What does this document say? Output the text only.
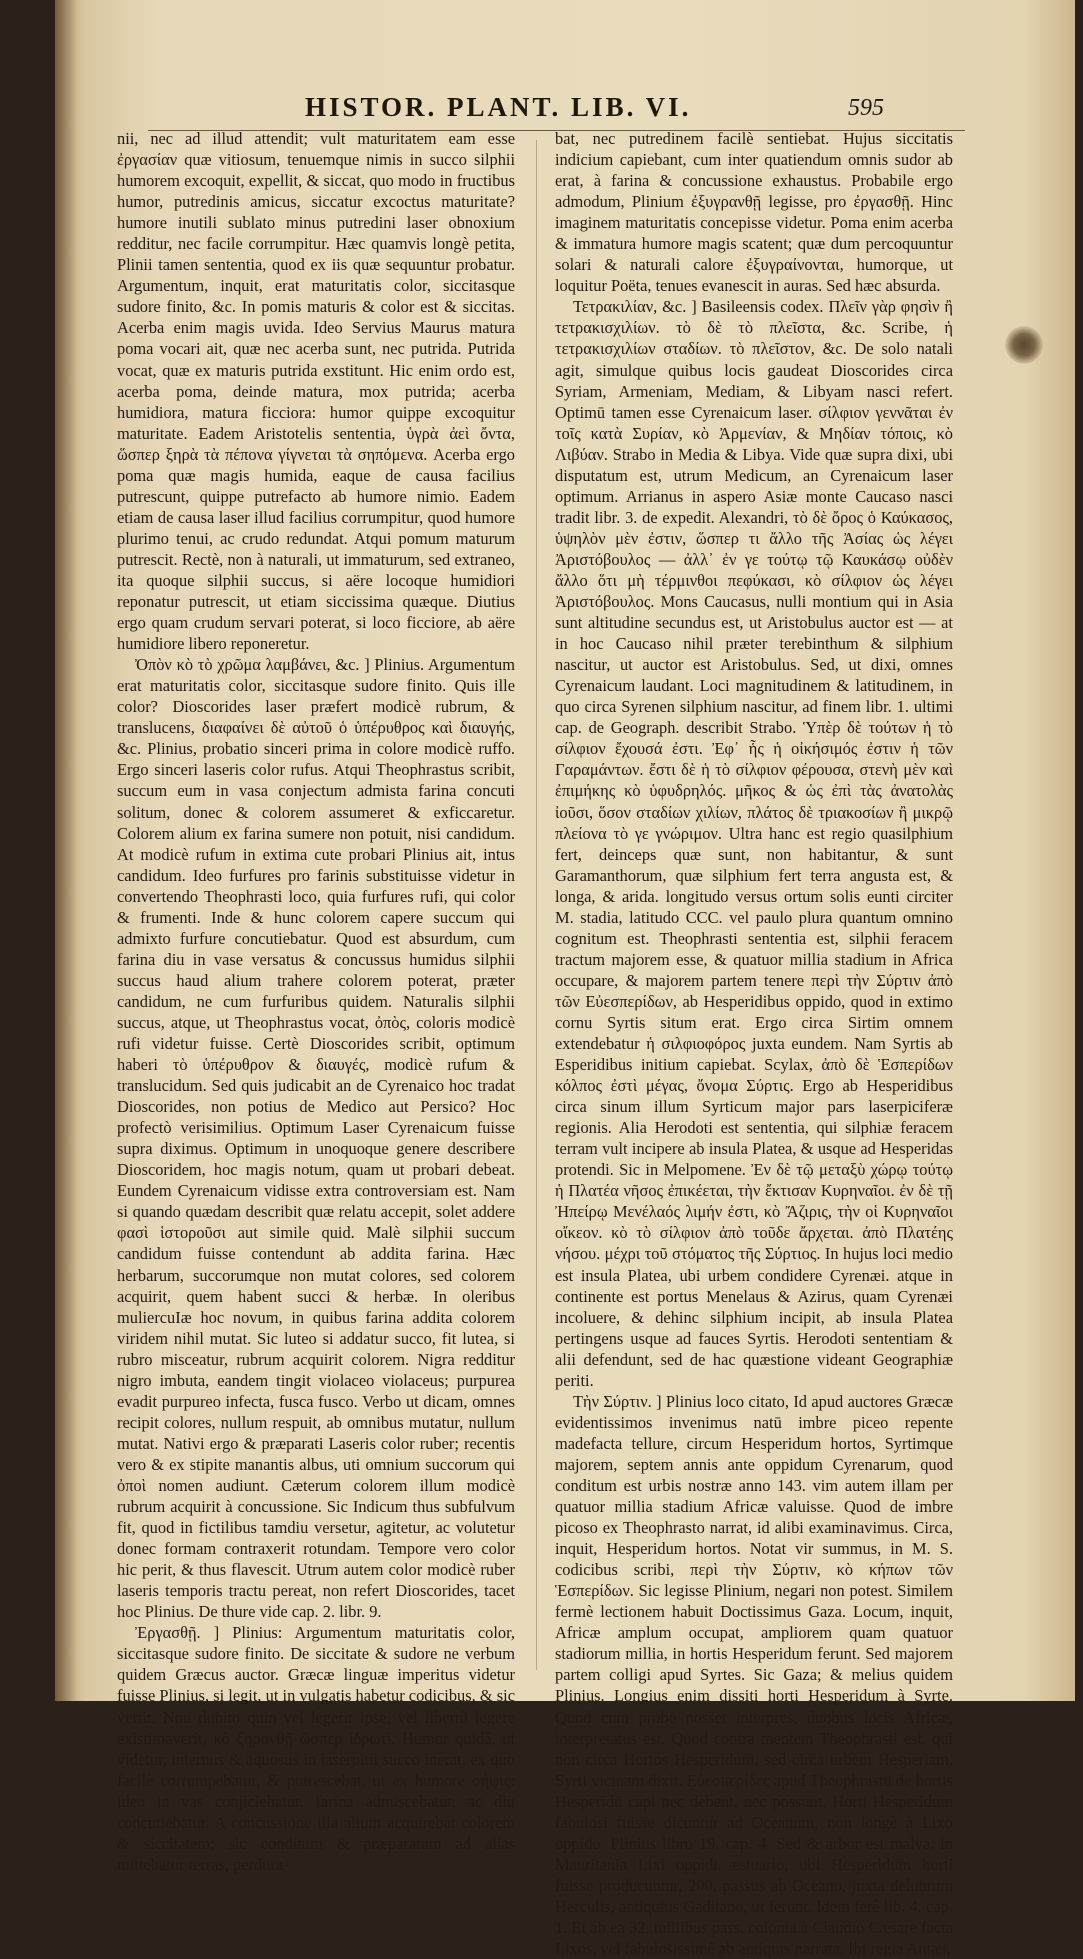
HISTOR. PLANT. LIB. VI.	595

nii, nec ad illud attendit; vult maturitatem eam esse ἐργασίαν quæ vitiosum, tenuemque nimis in succo silphii humorem excoquit, expellit, & siccat, quo modo in fructibus humor, putredinis amicus, siccatur excoctus maturitate? humore inutili sublato minus putredini laser obnoxium redditur, nec facile corrumpitur. Hæc quamvis longè petita, Plinii tamen sententia, quod ex iis quæ sequuntur probatur. Argumentum, inquit, erat maturitatis color, siccitasque sudore finito, &c. In pomis maturis & color est & siccitas. Acerba enim magis uvida. Ideo Servius Maurus matura poma vocari ait, quæ nec acerba sunt, nec putrida. Putrida vocat, quæ ex maturis putrida exstitunt. Hic enim ordo est, acerba poma, deinde matura, mox putrida; acerba humidiora, matura ficciora: humor quippe excoquitur maturitate. Eadem Aristotelis sententia, ὑγρὰ ἀεὶ ὄντα, ὥσπερ ξηρὰ τὰ πέπονα γίγνεται τὰ σηπόμενα. Acerba ergo poma quæ magis humida, eaque de causa facilius putrescunt, quippe putrefacto ab humore nimio. Eadem etiam de causa laser illud facilius corrumpitur, quod humore plurimo tenui, ac crudo redundat. Atqui pomum maturum putrescit. Rectè, non à naturali, ut immaturum, sed extraneo, ita quoque silphii succus, si aëre locoque humidiori reponatur putrescit, ut etiam siccissima quæque. Diutius ergo quam crudum servari poterat, si loco ficciore, ab aëre humidiore libero reponeretur.

Ὀπὸν κὸ τὸ χρῶμα λαμβάνει, &c. ] Plinius. Argumentum erat maturitatis color, siccitasque sudore finito. Quis ille color? Dioscorides laser præfert modicè rubrum, & translucens, διαφαίνει δὲ αὐτοῦ ὁ ὑπέρυθρος καὶ διαυγής, &c. Plinius, probatio sinceri prima in colore modicè ruffo. Ergo sinceri laseris color rufus. Atqui Theophrastus scribit, succum eum in vasa conjectum admista farina concuti solitum, donec & colorem assumeret & exficcaretur. Colorem alium ex farina sumere non potuit, nisi candidum. At modicè rufum in extima cute probari Plinius ait, intus candidum. Ideo furfures pro farinis substituisse videtur in convertendo Theophrasti loco, quia furfures rufi, qui color & frumenti. Inde & hunc colorem capere succum qui admixto furfure concutiebatur. Quod est absurdum, cum farina diu in vase versatus & concussus humidus silphii succus haud alium trahere colorem poterat, præter candidum, ne cum furfuribus quidem. Naturalis silphii succus, atque, ut Theophrastus vocat, ὀπὸς, coloris modicè rufi videtur fuisse. Certè Dioscorides scribit, optimum haberi τὸ ὑπέρυθρον & διαυγές, modicè rufum & translucidum. Sed quis judicabit an de Cyrenaico hoc tradat Dioscorides, non potius de Medico aut Persico? Hoc profectò verisimilius. Optimum Laser Cyrenaicum fuisse supra diximus. Optimum in unoquoque genere describere Dioscoridem, hoc magis notum, quam ut probari debeat. Eundem Cyrenaicum vidisse extra controversiam est. Nam si quando quædam describit quæ relatu accepit, solet addere φασὶ ἱστοροῦσι aut simile quid. Malè silphii succum candidum fuisse contendunt ab addita farina. Hæc herbarum, succorumque non mutat colores, sed colorem acquirit, quem habent succi & herbæ. In oleribus muliercuIæ hoc novum, in quibus farina addita colorem viridem nihil mutat. Sic luteo si addatur succo, fit lutea, si rubro misceatur, rubrum acquirit colorem. Nigra redditur nigro imbuta, eandem tingit violaceo violaceus; purpurea evadit purpureo infecta, fusca fusco. Verbo ut dicam, omnes recipit colores, nullum respuit, ab omnibus mutatur, nullum mutat. Nativi ergo & præparati Laseris color ruber; recentis vero & ex stipite manantis albus, uti omnium succorum qui ὀποὶ nomen audiunt. Cæterum colorem illum modicè rubrum acquirit à concussione. Sic Indicum thus subfulvum fit, quod in fictilibus tamdiu versetur, agitetur, ac volutetur donec formam contraxerit rotundam. Tempore vero color hic perit, & thus flavescit. Utrum autem color modicè ruber laseris temporis tractu pereat, non refert Dioscorides, tacet hoc Plinius. De thure vide cap. 2. libr. 9.

Ἐργασθῇ. ] Plinius: Argumentum maturitatis color, siccitasque sudore finito. De siccitate & sudore ne verbum quidem Græcus auctor. Græcæ linguæ imperitus videtur fuisse Plinius, si legit, ut in vulgatis habetur codicibus, & sic vertit. Non dubito quin vel legerit ipse, vel libertû legere existimaverit, κὸ ξηρανθῇ ὥσπερ ἰδρωτὶ. Humor quidâ, ut videtur, internus & aquosus in laserpitii succo inerat, ex quo facilè corrumpebatur, & putrescebat, ut ex humore σήψις: ideo in vas conjiciebatur, farina admiscebatur, ac diu concutiebatur. A concussione illa alium acquirebat colorem & siccitatem; sic conditum & præparatum ad alias mittebatur terras, perdura-

bat, nec putredinem facilè sentiebat. Hujus siccitatis indicium capiebant, cum inter quatiendum omnis sudor ab erat, à farina & concussione exhaustus. Probabile ergo admodum, Plinium ἐξυγρανθῇ legisse, pro ἐργασθῇ. Hinc imaginem maturitatis concepisse videtur. Poma enim acerba & immatura humore magis scatent; quæ dum percoquuntur solari & naturali calore ἐξυγραίνονται, humorque, ut loquitur Poëta, tenues evanescit in auras. Sed hæc absurda.

Τετρακιλίαν, &c. ] Basileensis codex. Πλεῖν γὰρ φησὶν ἢ τετρακισχιλίων. τὸ δὲ τὸ πλεῖστα, &c. Scribe, ἡ τετρακισχιλίων σταδίων. τὸ πλεῖστον, &c. De solo natali agit, simulque quibus locis gaudeat Dioscorides circa Syriam, Armeniam, Mediam, & Libyam nasci refert. Optimū tamen esse Cyrenaicum laser. σίλφιον γεννᾶται ἐν τοῖς κατὰ Συρίαν, κὸ Ἀρμενίαν, & Μηδίαν τόποις, κὸ Λιβύαν. Strabo in Media & Libya. Vide quæ supra dixi, ubi disputatum est, utrum Medicum, an Cyrenaicum laser optimum. Arrianus in aspero Asiæ monte Caucaso nasci tradit libr. 3. de expedit. Alexandri, τὸ δὲ ὄρος ὁ Καύκασος, ὑψηλὸν μὲν ἐστιν, ὥσπερ τι ἄλλο τῆς Ἀσίας ὡς λέγει Ἀριστόβουλος — ἀλλ᾽ ἐν γε τούτῳ τῷ Καυκάσῳ οὐδὲν ἄλλο ὅτι μὴ τέρμινθοι πεφύκασι, κὸ σίλφιον ὡς λέγει Ἀριστόβουλος. Mons Caucasus, nulli montium qui in Asia sunt altitudine secundus est, ut Aristobulus auctor est — at in hoc Caucaso nihil præter terebinthum & silphium nascitur, ut auctor est Aristobulus. Sed, ut dixi, omnes Cyrenaicum laudant. Loci magnitudinem & latitudinem, in quo circa Syrenen silphium nascitur, ad finem libr. 1. ultimi cap. de Geograph. describit Strabo. Ὑπὲρ δὲ τούτων ἡ τὸ σίλφιον ἔχουσά ἐστι. Ἐφ᾽ ἧς ἡ οἰκήσιμός ἐστιν ἡ τῶν Γαραμάντων. ἔστι δὲ ἡ τὸ σίλφιον φέρουσα, στενὴ μὲν καὶ ἐπιμήκης κὸ ὑφυδρηλός. μῆκος & ὡς ἐπὶ τὰς ἀνατολὰς ἰοῦσι, ὅσον σταδίων χιλίων, πλάτος δὲ τριακοσίων ἢ μικρῷ πλείονα τὸ γε γνώριμον. Ultra hanc est regio quasilphium fert, deinceps quæ sunt, non habitantur, & sunt Garamanthorum, quæ silphium fert terra angusta est, & longa, & arida. longitudo versus ortum solis eunti circiter M. stadia, latitudo CCC. vel paulo plura quantum omnino cognitum est. Theophrasti sententia est, silphii feracem tractum majorem esse, & quatuor millia stadium in Africa occupare, & majorem partem tenere περὶ τὴν Σύρτιν ἀπὸ τῶν Εὐεσπερίδων, ab Hesperidibus oppido, quod in extimo cornu Syrtis situm erat. Ergo circa Sirtim omnem extendebatur ἡ σιλφιοφόρος juxta eundem. Nam Syrtis ab Esperidibus initium capiebat. Scylax, ἀπὸ δὲ Ἑσπερίδων κόλπος ἐστὶ μέγας, ὄνομα Σύρτις. Ergo ab Hesperidibus circa sinum illum Syrticum major pars laserpiciferæ regionis. Alia Herodoti est sententia, qui silphiæ feracem terram vult incipere ab insula Platea, & usque ad Hesperidas protendi. Sic in Melpomene. Ἐν δὲ τῷ μεταξὺ χώρῳ τούτῳ ἡ Πλατέα νῆσος ἐπικέεται, τὴν ἔκτισαν Κυρηναῖοι. ἐν δὲ τῇ Ἠπείρῳ Μενέλαός λιμήν ἐστι, κὸ Ἄζιρις, τὴν οἱ Κυρηναῖοι οἴκεον. κὸ τὸ σίλφιον ἀπὸ τοῦδε ἄρχεται. ἀπὸ Πλατέης νήσου. μέχρι τοῦ στόματος τῆς Σύρτιος. In hujus loci medio est insula Platea, ubi urbem condidere Cyrenæi. atque in continente est portus Menelaus & Azirus, quam Cyrenæi incoluere, & dehinc silphium incipit, ab insula Platea pertingens usque ad fauces Syrtis. Herodoti sententiam & alii defendunt, sed de hac quæstione videant Geographiæ periti.

Τὴν Σύρτιν. ] Plinius loco citato, Id apud auctores Græcæ evidentissimos invenimus natū imbre piceo repente madefacta tellure, circum Hesperidum hortos, Syrtimque majorem, septem annis ante oppidum Cyrenarum, quod conditum est urbis nostræ anno 143. vim autem illam per quatuor millia stadium Africæ valuisse. Quod de imbre picoso ex Theophrasto narrat, id alibi examinavimus. Circa, inquit, Hesperidum hortos. Notat vir summus, in M. S. codicibus scribi, περὶ τὴν Σύρτιν, κὸ κήπων τῶν Ἑσπερίδων. Sic legisse Plinium, negari non potest. Similem fermè lectionem habuit Doctissimus Gaza. Locum, inquit, Africæ amplum occupat, ampliorem quam quatuor stadiorum millia, in hortis Hesperidum ferunt. Sed majorem partem colligi apud Syrtes. Sic Gaza; & melius quidem Plinius. Longius enim dissiti horti Hesperidum à Syrte. Quod cum probè nosset interpres, duobus locis Africæ, interpretatus est. Quod contra mentem Theophrasti est. qui non circa Hortos Hesperidum, sed circa urbem Hesperiam, Syrti vicinam dixit. Εὐεσπερίδες apud Theophrastū de hortis Hesperidū capi nec debent, nec possunt. Horti Hesperidum fabulosi fuisse dicuntur ad Oceanum, non longè à Lixo oppido. Plinius libro 19. cap. 4. Sed & arbor est malva, in Mauritania Lixi oppidi æstuario, ubi Hesperidum horti fuisse producuntur, 200. passus ab Oceano, juxta delubrum Herculis, antiquius Gaditano, ut ferunt. Idem ferè lib. 4. cap. 1. Et ab ea 32. millibus pass. colonia à Claudio Cæsare facta Lixos, vel fabulosissimè ab antiquis narrata. Ibi regia Antæi,
